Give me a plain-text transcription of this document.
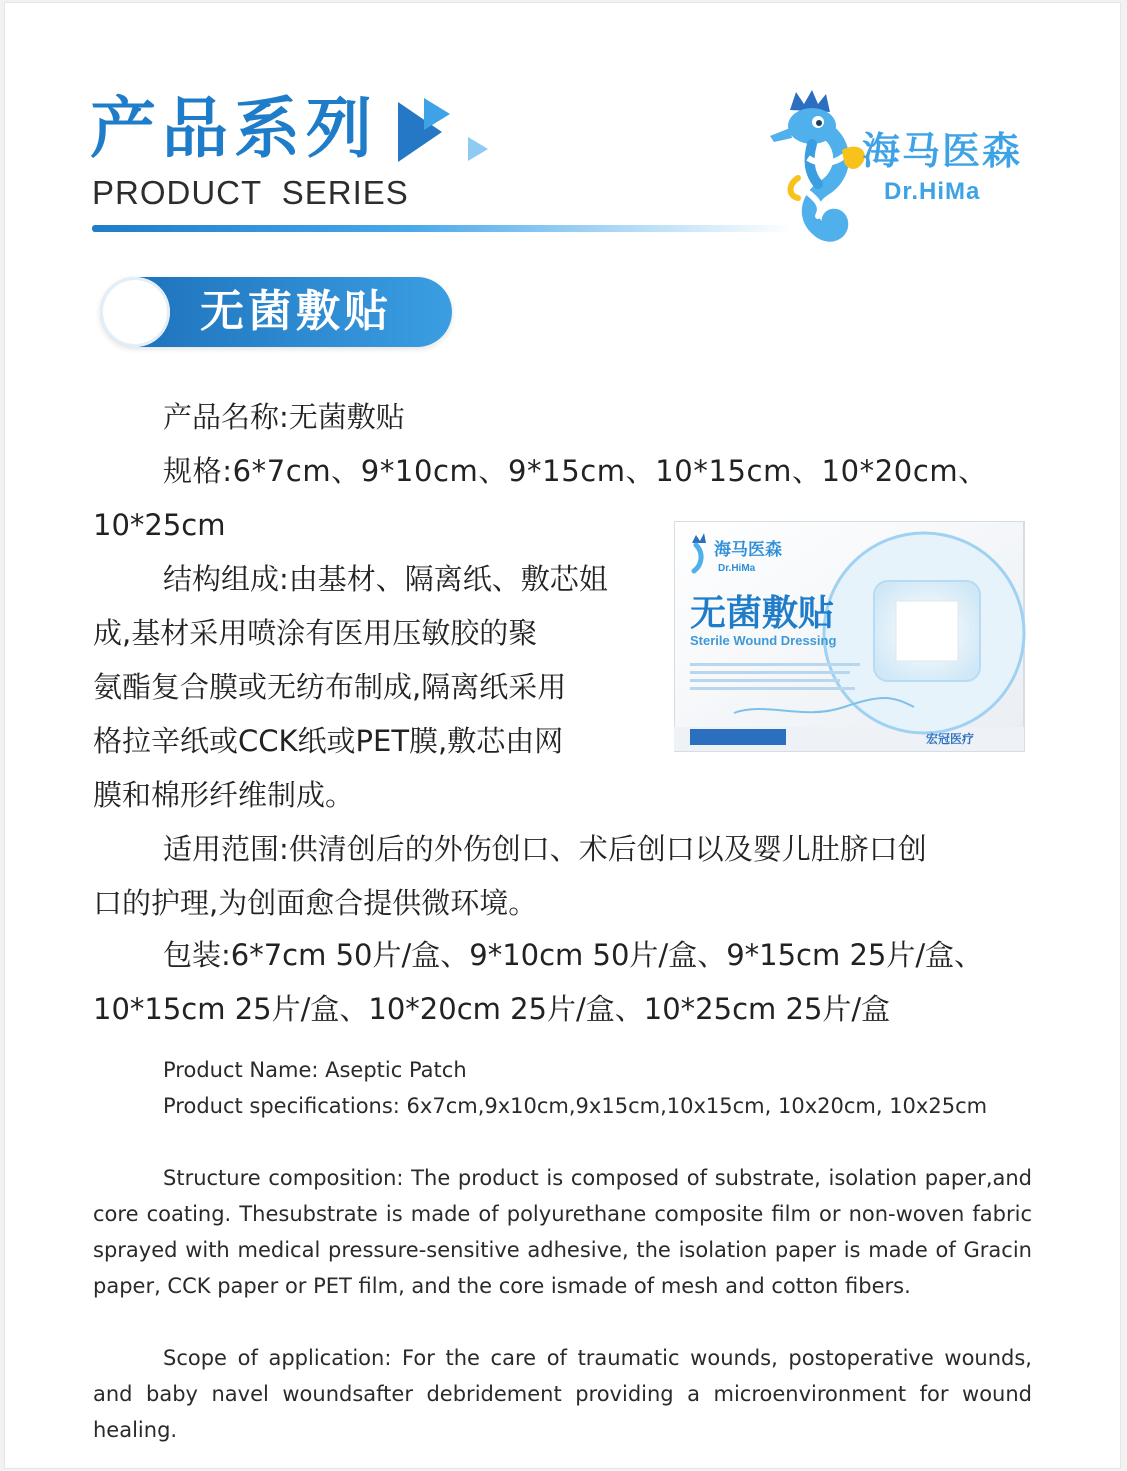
产品系列
PRODUCT SERIES
海马医森
Dr.HiMa
无菌敷贴

产品名称:无菌敷贴

规格:6*7cm、9*10cm、9*15cm、10*15cm、10*20cm、

10*25cm

结构组成:由基材、隔离纸、敷芯姐

成,基材采用喷涂有医用压敏胶的聚

氨酯复合膜或无纺布制成,隔离纸采用

格拉辛纸或CCK纸或PET膜,敷芯由网

膜和棉形纤维制成。

适用范围:供清创后的外伤创口、术后创口以及婴儿肚脐口创

口的护理,为创面愈合提供微环境。

包装:6*7cm 50片/盒、9*10cm 50片/盒、9*15cm 25片/盒、

10*15cm 25片/盒、10*20cm 25片/盒、10*25cm 25片/盒

海马医森
Dr.HiMa
无菌敷贴
Sterile Wound Dressing
宏冠医疗

Product Name: Aseptic Patch

Product specifications: 6x7cm,9x10cm,9x15cm,10x15cm, 10x20cm, 10x25cm

Structure composition: The product is composed of substrate, isolation paper,and core coating. Thesubstrate is made of polyurethane composite film or non-woven fabric sprayed with medical pressure-sensitive adhesive, the isolation paper is made of Gracin paper, CCK paper or PET film, and the core ismade of mesh and cotton fibers.

Scope of application: For the care of traumatic wounds, postoperative wounds, and baby navel woundsafter debridement providing a microenvironment for wound healing.
